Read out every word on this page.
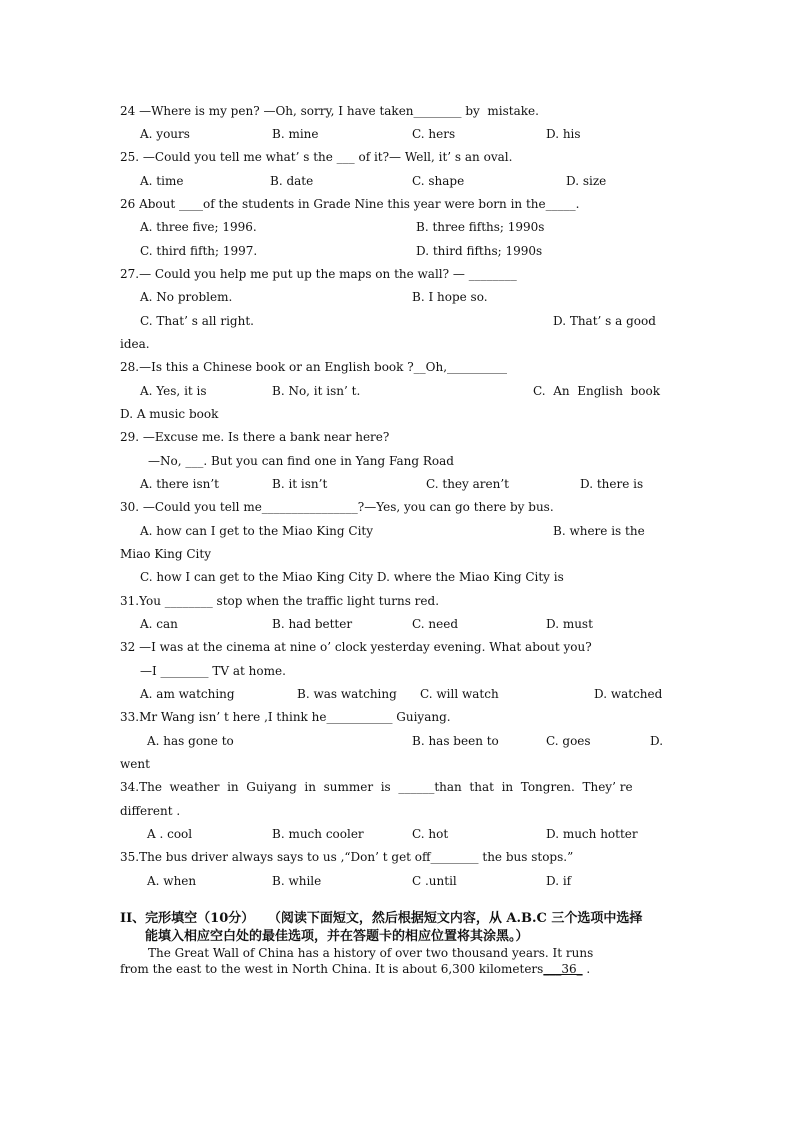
24 —Where is my pen? —Oh, sorry, I have taken________ by  mistake.
A. yours	B. mine	C. hers	D. his
25. —Could you tell me what’ s the ___ of it?— Well, it’ s an oval.
A. time	B. date	C. shape	D. size
26 About ____of the students in Grade Nine this year were born in the_____.
A. three five; 1996.	B. three fifths; 1990s
C. third fifth; 1997.	D. third fifths; 1990s
27.— Could you help me put up the maps on the wall? — ________
A. No problem.	B. I hope so.
C. That’ s all right.	D. That’ s a good
idea.
28.—Is this a Chinese book or an English book ?__Oh,__________
A. Yes, it is	B. No, it isn’ t.	C.  An  English  book
D. A music book
29. —Excuse me. Is there a bank near here?
—No, ___. But you can find one in Yang Fang Road
A. there isn’t	B. it isn’t	C. they aren’t	D. there is
30. —Could you tell me________________?—Yes, you can go there by bus.
A. how can I get to the Miao King City	B. where is the
Miao King City
C. how I can get to the Miao King City D. where the Miao King City is
31.You ________ stop when the traffic light turns red.
A. can	B. had better	C. need	D. must
32 —I was at the cinema at nine o’ clock yesterday evening. What about you?
—I ________ TV at home.
A. am watching	B. was watching C. will watch	D. watched
33.Mr Wang isn’ t here ,I think he___________ Guiyang.
A. has gone to	B. has been to	C. goes	D.
went
34.The  weather  in  Guiyang  in  summer  is  ______than  that  in  Tongren.  They’ re
different .
A . cool	B. much cooler	C. hot	D. much hotter
35.The bus driver always says to us ,“Don’ t get off________ the bus stops.”
A. when	B. while	C .until	D. if
II、完形填空（10分）   （阅读下面短文，然后根据短文内容，从 A.B.C 三个选项中选择
能填入相应空白处的最佳选项，并在答题卡的相应位置将其涂黑。）
The Great Wall of China has a history of over two thousand years. It runs
from the east to the west in North China. It is about 6,300 kilometers___36_ .
